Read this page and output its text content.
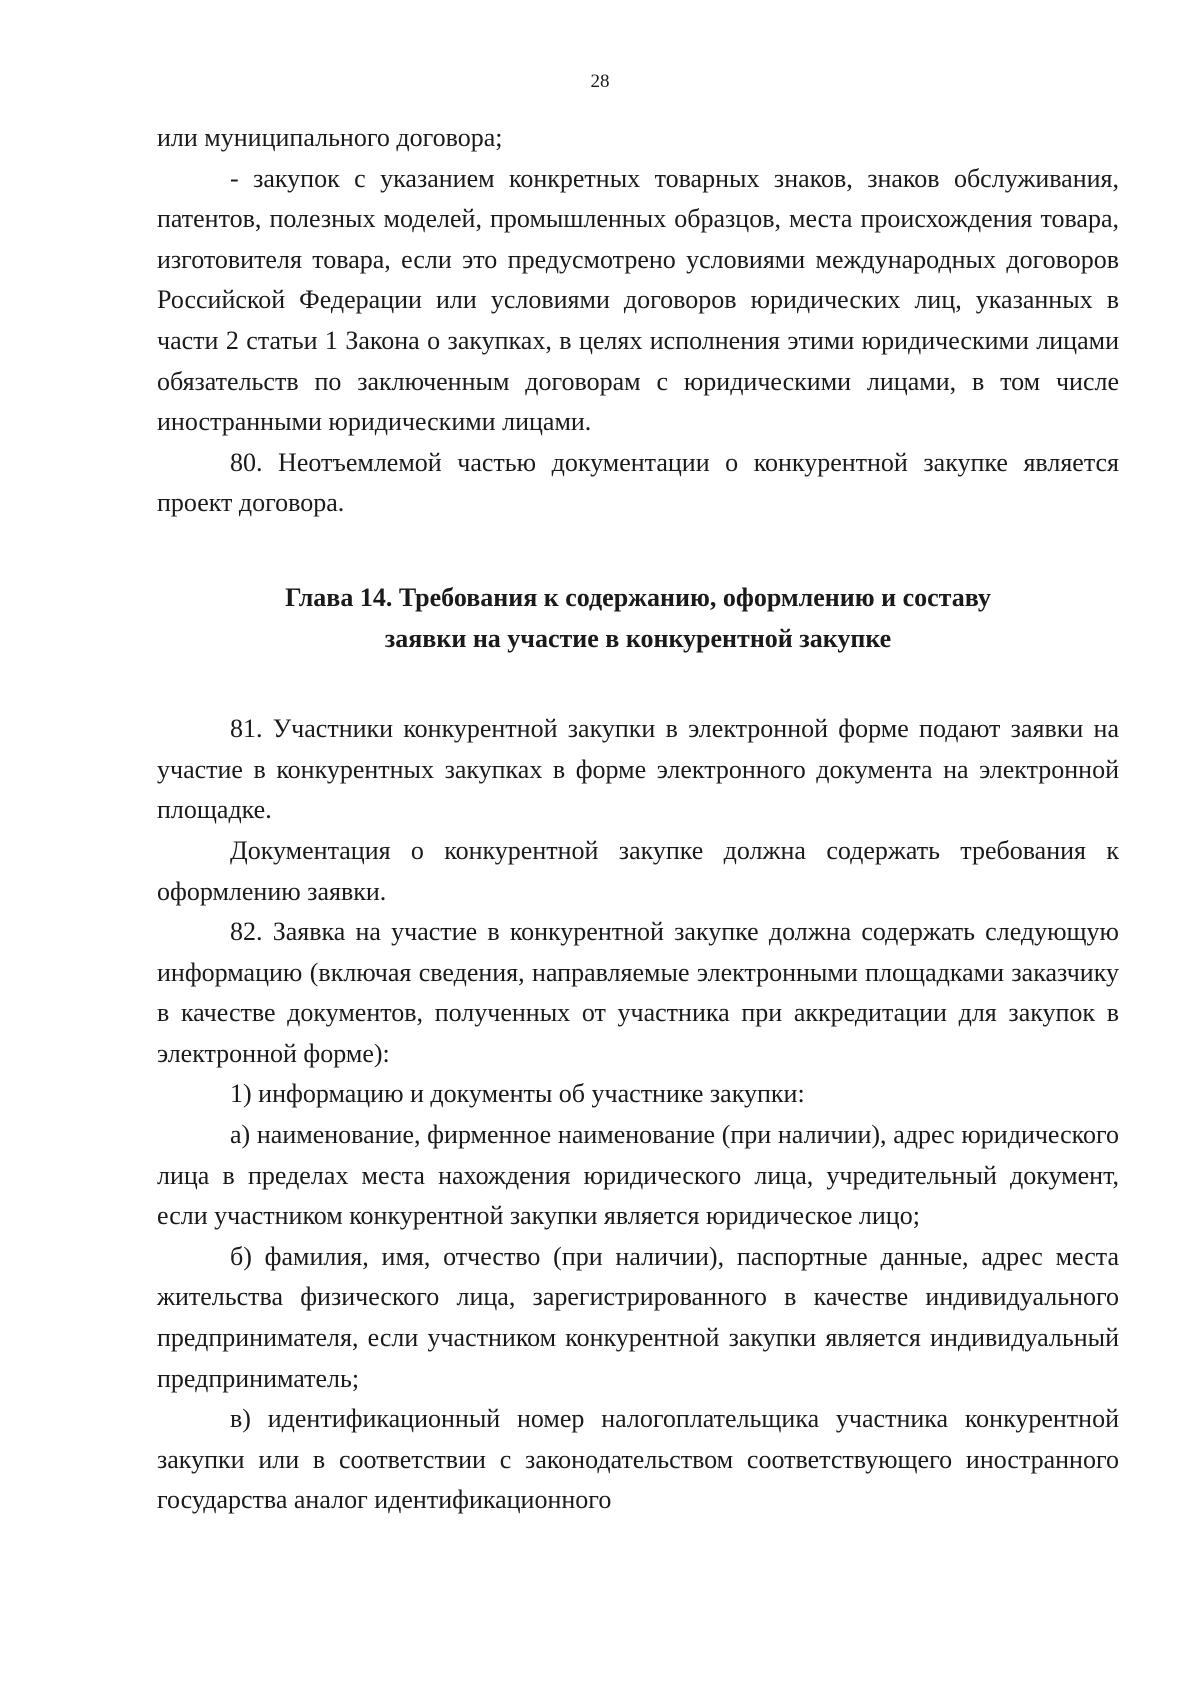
28

или муниципального договора;

- закупок с указанием конкретных товарных знаков, знаков обслуживания, патентов, полезных моделей, промышленных образцов, места происхождения товара, изготовителя товара, если это предусмотрено условиями международных договоров Российской Федерации или условиями договоров юридических лиц, указанных в части 2 статьи 1 Закона о закупках, в целях исполнения этими юридическими лицами обязательств по заключенным договорам с юридическими лицами, в том числе иностранными юридическими лицами.

80. Неотъемлемой частью документации о конкурентной закупке является проект договора.

Глава 14. Требования к содержанию, оформлению и составу
заявки на участие в конкурентной закупке

81. Участники конкурентной закупки в электронной форме подают заявки на участие в конкурентных закупках в форме электронного документа на электронной площадке.

Документация о конкурентной закупке должна содержать требования к оформлению заявки.

82. Заявка на участие в конкурентной закупке должна содержать следующую информацию (включая сведения, направляемые электронными площадками заказчику в качестве документов, полученных от участника при аккредитации для закупок в электронной форме):

1) информацию и документы об участнике закупки:

а) наименование, фирменное наименование (при наличии), адрес юридического лица в пределах места нахождения юридического лица, учредительный документ, если участником конкурентной закупки является юридическое лицо;

б) фамилия, имя, отчество (при наличии), паспортные данные, адрес места жительства физического лица, зарегистрированного в качестве индивидуального предпринимателя, если участником конкурентной закупки является индивидуальный предприниматель;

в) идентификационный номер налогоплательщика участника конкурентной закупки или в соответствии с законодательством соответствующего иностранного государства аналог идентификационного
